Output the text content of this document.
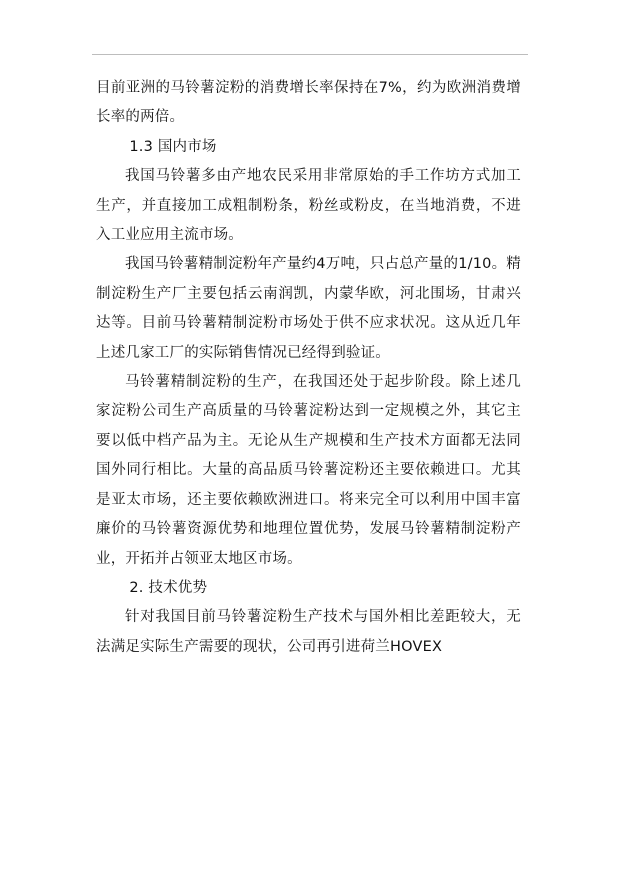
目前亚洲的马铃薯淀粉的消费增长率保持在7%，约为欧洲消费增长率的两倍。

1.3 国内市场

我国马铃薯多由产地农民采用非常原始的手工作坊方式加工生产，并直接加工成粗制粉条，粉丝或粉皮，在当地消费，不进入工业应用主流市场。

我国马铃薯精制淀粉年产量约4万吨，只占总产量的1/10。精制淀粉生产厂主要包括云南润凯，内蒙华欧，河北围场，甘肃兴达等。目前马铃薯精制淀粉市场处于供不应求状况。这从近几年上述几家工厂的实际销售情况已经得到验证。

马铃薯精制淀粉的生产，在我国还处于起步阶段。除上述几家淀粉公司生产高质量的马铃薯淀粉达到一定规模之外，其它主要以低中档产品为主。无论从生产规模和生产技术方面都无法同国外同行相比。大量的高品质马铃薯淀粉还主要依赖进口。尤其是亚太市场，还主要依赖欧洲进口。将来完全可以利用中国丰富廉价的马铃薯资源优势和地理位置优势，发展马铃薯精制淀粉产业，开拓并占领亚太地区市场。

2. 技术优势

针对我国目前马铃薯淀粉生产技术与国外相比差距较大，无法满足实际生产需要的现状，公司再引进荷兰HOVEX
